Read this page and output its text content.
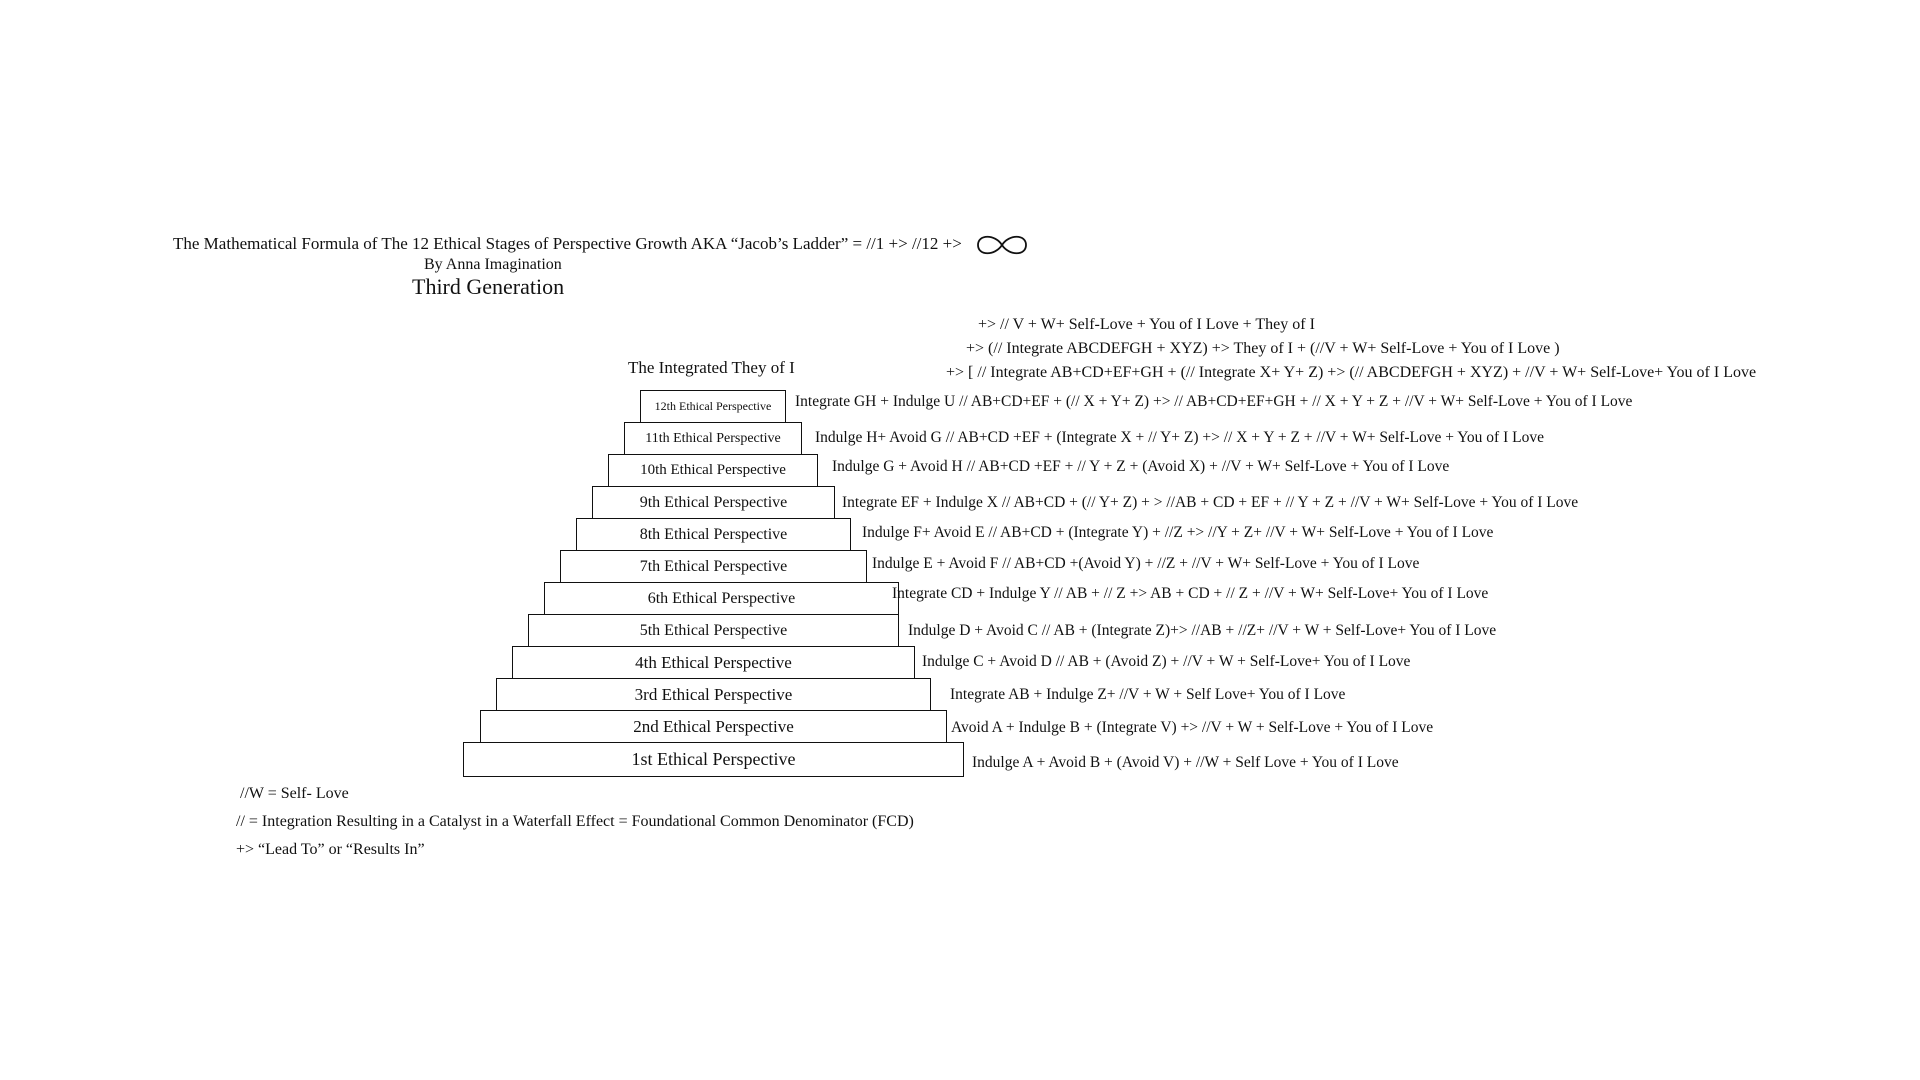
The Mathematical Formula of The 12 Ethical Stages of Perspective Growth AKA “Jacob’s Ladder” = //1 +> //12 +>
By Anna Imagination
Third Generation
+> // V + W+ Self-Love + You of I Love + They of I
+> (// Integrate ABCDEFGH + XYZ) +> They of I + (//V + W+ Self-Love + You of I Love )
+> [ // Integrate AB+CD+EF+GH + (// Integrate X+ Y+ Z) +> (// ABCDEFGH + XYZ) + //V + W+ Self-Love+ You of I Love
The Integrated They of I
12th Ethical Perspective Integrate GH + Indulge U // AB+CD+EF + (// X + Y+ Z) +> // AB+CD+EF+GH + // X + Y + Z + //V + W+ Self-Love + You of I Love
11th Ethical Perspective Indulge H+ Avoid G // AB+CD +EF + (Integrate X + // Y+ Z) +> // X + Y + Z + //V + W+ Self-Love + You of I Love
10th Ethical Perspective	Indulge G + Avoid H // AB+CD +EF + // Y + Z + (Avoid X) + //V + W+ Self-Love + You of I Love
9th Ethical Perspective	Integrate EF + Indulge X // AB+CD + (// Y+ Z) + > //AB + CD + EF + // Y + Z + //V + W+ Self-Love + You of I Love
8th Ethical Perspective	Indulge F+ Avoid E // AB+CD + (Integrate Y) + //Z +> //Y + Z+ //V + W+ Self-Love + You of I Love
7th Ethical Perspective	Indulge E + Avoid F // AB+CD +(Avoid Y) + //Z + //V + W+ Self-Love + You of I Love
6th Ethical Perspective	Integrate CD + Indulge Y // AB + // Z +> AB + CD + // Z + //V + W+ Self-Love+ You of I Love
5th Ethical Perspective	Indulge D + Avoid C // AB + (Integrate Z)+> //AB + //Z+ //V + W + Self-Love+ You of I Love
4th Ethical Perspective	Indulge C + Avoid D // AB + (Avoid Z) + //V + W + Self-Love+ You of I Love
3rd Ethical Perspective	Integrate AB + Indulge Z+ //V + W + Self Love+ You of I Love
2nd Ethical Perspective	Avoid A + Indulge B + (Integrate V) +> //V + W + Self-Love + You of I Love
1st Ethical Perspective	Indulge A + Avoid B + (Avoid V) + //W + Self Love + You of I Love
//W = Self- Love
// = Integration Resulting in a Catalyst in a Waterfall Effect = Foundational Common Denominator (FCD)
+> “Lead To” or “Results In”
